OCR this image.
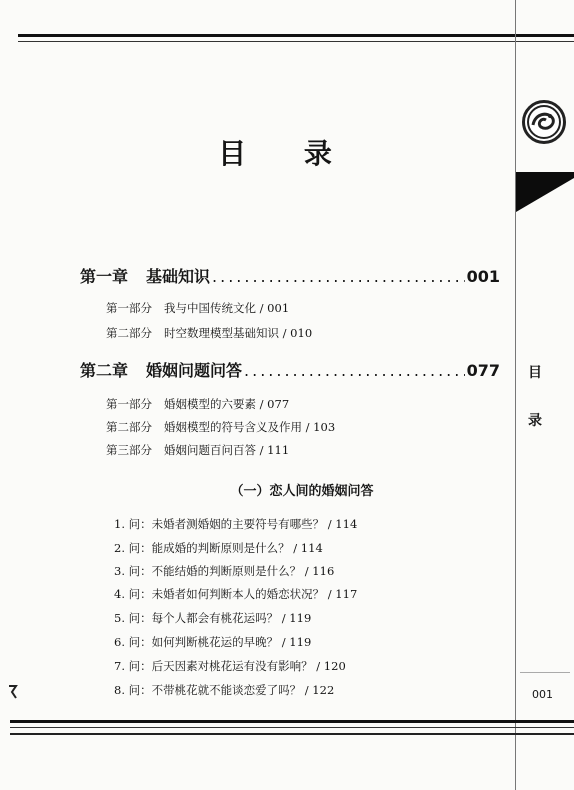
目 录
第一章	基础知识 .....	001
第一部分 我与中国传统文化 / 001
第二部分 时空数理模型基础知识 / 010
第二章	婚姻问题问答 .....	077
第一部分 婚姻模型的六要素 / 077
第二部分 婚姻模型的符号含义及作用 / 103
第三部分 婚姻问题百问百答 / 111
（一）恋人间的婚姻问答
1. 问：未婚者测婚姻的主要符号有哪些？ / 114
2. 问：能成婚的判断原则是什么？ / 114
3. 问：不能结婚的判断原则是什么？ / 116
4. 问：未婚者如何判断本人的婚恋状况？ / 117
5. 问：每个人都会有桃花运吗？ / 119
6. 问：如何判断桃花运的早晚？ / 119
7. 问：后天因素对桃花运有没有影响？ / 120
8. 问：不带桃花就不能谈恋爱了吗？ / 122
目
录
001
